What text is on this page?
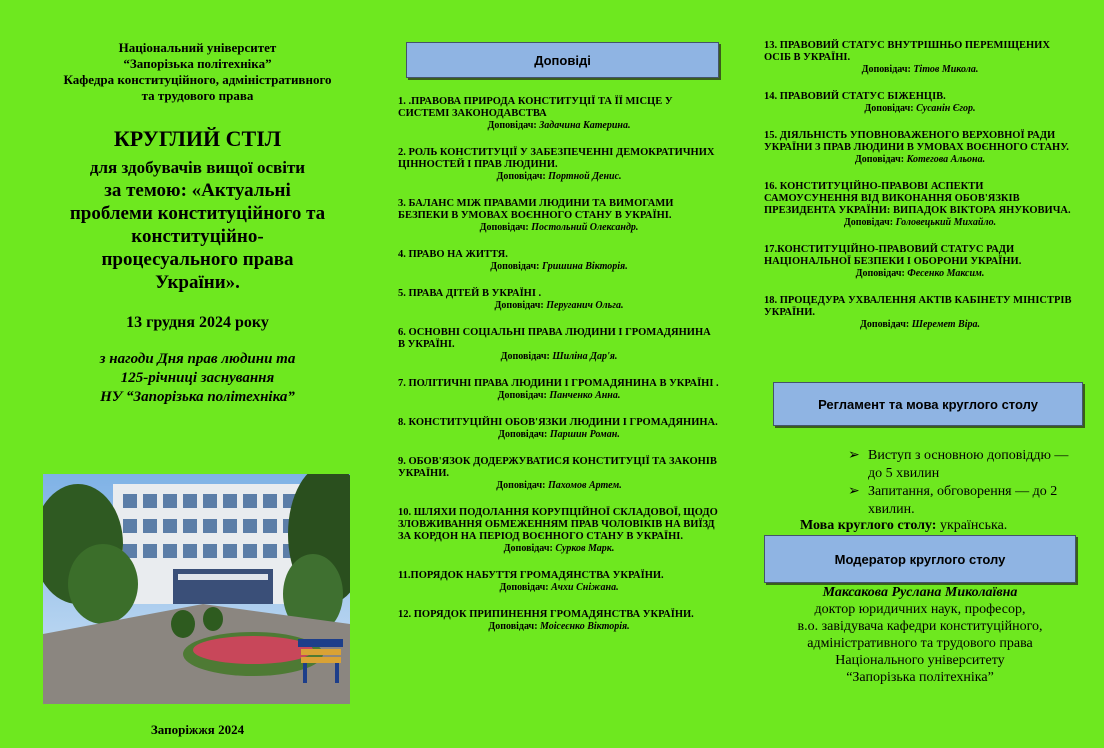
Національний університет
“Запорізька політехніка”
Кафедра конституційного, адміністративного
та трудового права
КРУГЛИЙ СТІЛ
для здобувачів вищої освіти
за темою: «Актуальні
проблеми конституційного та
конституційно-
процесуального права
України».
13 грудня 2024 року
з нагоди Дня прав людини та
125-річниці заснування
НУ “Запорізька політехніка”
Запоріжжя 2024
Доповіді
1. .ПРАВОВА ПРИРОДА КОНСТИТУЦІЇ ТА ЇЇ МІСЦЕ У СИСТЕМІ ЗАКОНОДАВСТВА
Доповідач: Задачина Катерина.
2. РОЛЬ КОНСТИТУЦІЇ У ЗАБЕЗПЕЧЕННІ ДЕМОКРАТИЧНИХ ЦІННОСТЕЙ І ПРАВ ЛЮДИНИ.
Доповідач: Портной Денис.
3. БАЛАНС МІЖ ПРАВАМИ ЛЮДИНИ ТА ВИМОГАМИ БЕЗПЕКИ В УМОВАХ ВОЄННОГО СТАНУ В УКРАЇНІ.
Доповідач: Постольний Олександр.
4. ПРАВО НА ЖИТТЯ.
Доповідач: Гришина Вікторія.
5. ПРАВА ДІТЕЙ В УКРАЇНІ .
Доповідач: Перуганич Ольга.
6. ОСНОВНІ СОЦІАЛЬНІ ПРАВА ЛЮДИНИ І ГРОМАДЯНИНА В УКРАЇНІ.
Доповідач: Шиліна Дар'я.
7. ПОЛІТИЧНІ ПРАВА ЛЮДИНИ І ГРОМАДЯНИНА В УКРАЇНІ .
Доповідач: Панченко Анна.
8. КОНСТИТУЦІЙНІ ОБОВ'ЯЗКИ ЛЮДИНИ І ГРОМАДЯНИНА.
Доповідач: Паршин Роман.
9. ОБОВ'ЯЗОК ДОДЕРЖУВАТИСЯ КОНСТИТУЦІЇ ТА ЗАКОНІВ УКРАЇНИ.
Доповідач: Пахомов Артем.
10. ШЛЯХИ ПОДОЛАННЯ КОРУПЦІЙНОЇ СКЛАДОВОЇ, ЩОДО ЗЛОВЖИВАННЯ ОБМЕЖЕННЯМ ПРАВ ЧОЛОВІКІВ НА ВИЇЗД ЗА КОРДОН НА ПЕРІОД ВОЄННОГО СТАНУ В УКРАЇНІ.
Доповідач: Сурков Марк.
11.ПОРЯДОК НАБУТТЯ ГРОМАДЯНСТВА УКРАЇНИ.
Доповідач: Ачхи Сніжана.
12. ПОРЯДОК ПРИПИНЕННЯ ГРОМАДЯНСТВА УКРАЇНИ.
Доповідач: Моісеєнко Вікторія.
13. ПРАВОВИЙ СТАТУС ВНУТРІШНЬО ПЕРЕМІЩЕНИХ ОСІБ В УКРАЇНІ.
Доповідач: Тітов Микола.
14. ПРАВОВИЙ СТАТУС БІЖЕНЦІВ.
Доповідач: Сусанін Єгор.
15. ДІЯЛЬНІСТЬ УПОВНОВАЖЕНОГО ВЕРХОВНОЇ РАДИ УКРАЇНИ З ПРАВ ЛЮДИНИ В УМОВАХ ВОЄННОГО СТАНУ.
Доповідач: Котегова Альона.
16. КОНСТИТУЦІЙНО-ПРАВОВІ АСПЕКТИ САМОУСУНЕННЯ ВІД ВИКОНАННЯ ОБОВ'ЯЗКІВ ПРЕЗИДЕНТА УКРАЇНИ: ВИПАДОК ВІКТОРА ЯНУКОВИЧА.
Доповідач: Головецький Михайло.
17.КОНСТИТУЦІЙНО-ПРАВОВИЙ СТАТУС РАДИ НАЦІОНАЛЬНОЇ БЕЗПЕКИ І ОБОРОНИ УКРАЇНИ.
Доповідач: Фесенко Максим.
18. ПРОЦЕДУРА УХВАЛЕННЯ АКТІВ КАБІНЕТУ МІНІСТРІВ УКРАЇНИ.
Доповідач: Шеремет Віра.
Регламент та мова круглого столу
➢ Виступ з основною доповіддю — до 5 хвилин
➢ Запитання, обговорення — до 2 хвилин.
Мова круглого столу: українська.
Модератор круглого столу
Максакова Руслана Миколаївна
доктор юридичних наук, професор,
в.о. завідувача кафедри конституційного,
адміністративного та трудового права
Національного університету
“Запорізька політехніка”
